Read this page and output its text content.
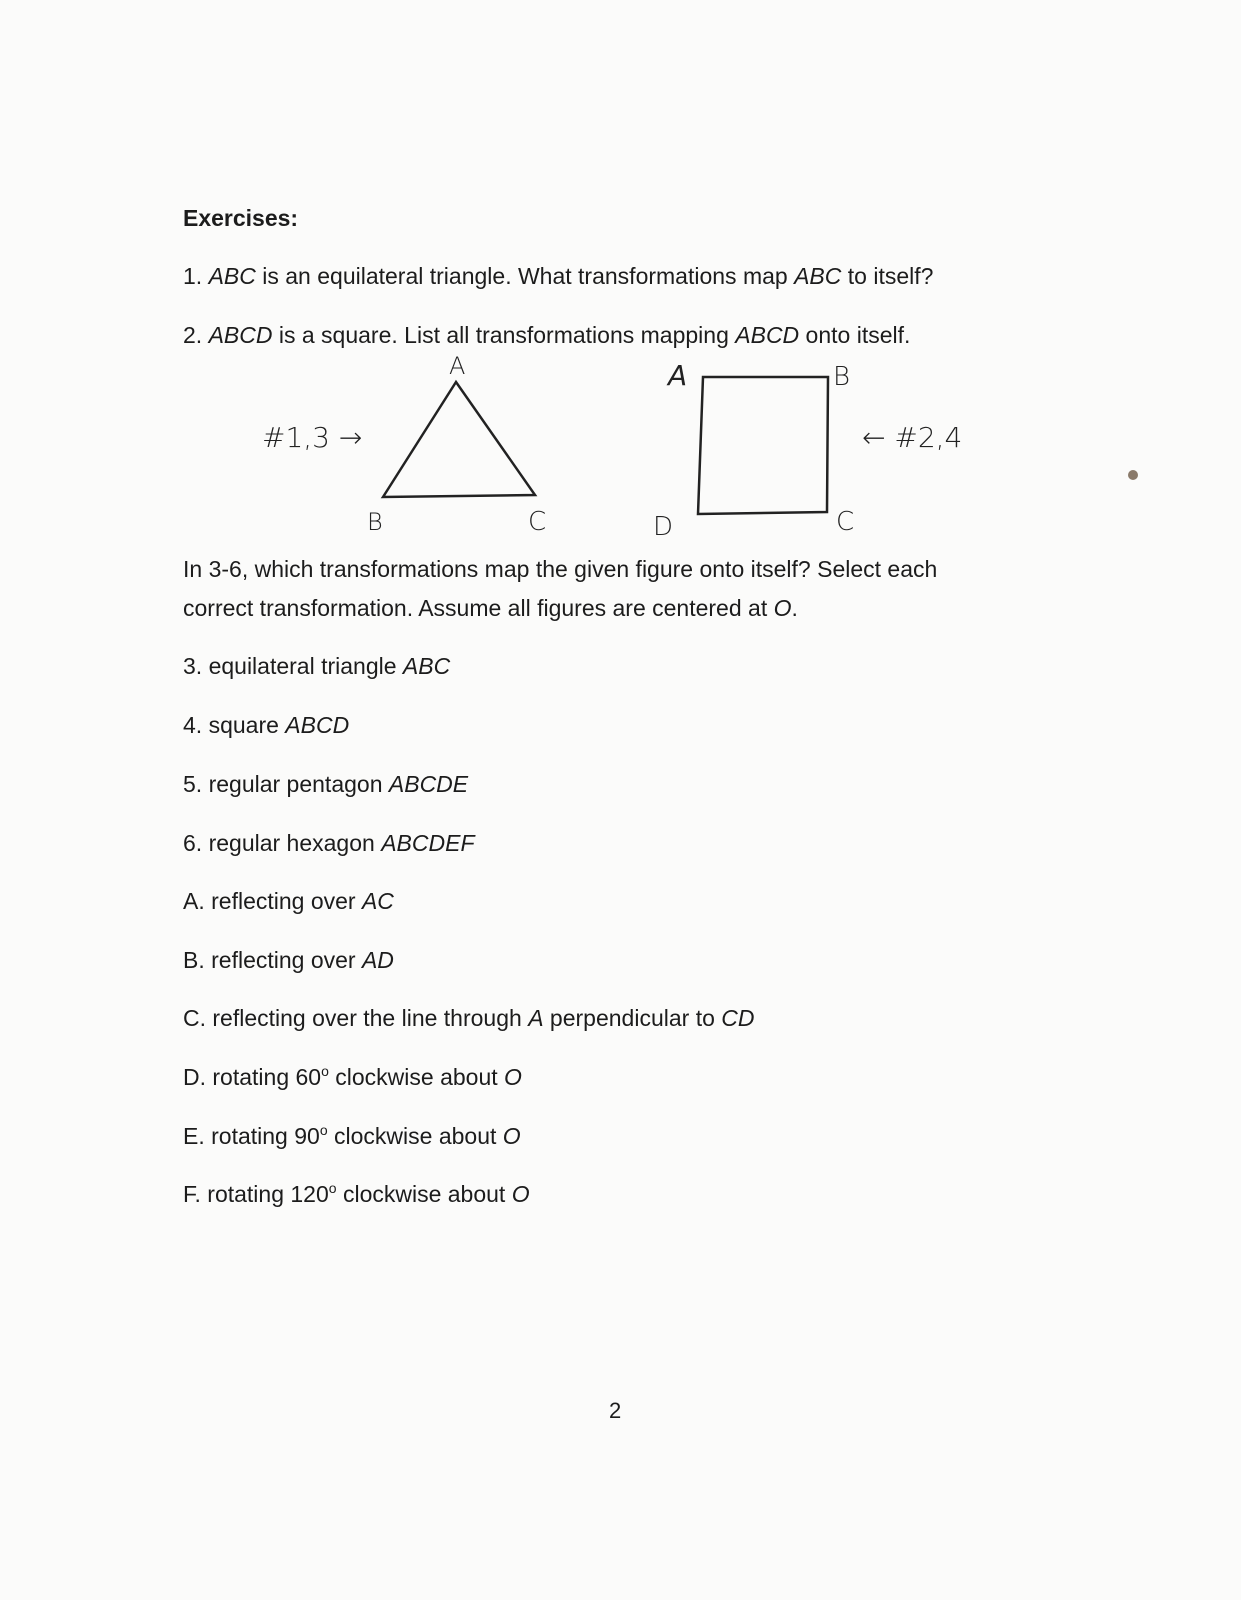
Exercises:
1. ABC is an equilateral triangle. What transformations map ABC to itself?
2. ABCD is a square. List all transformations mapping ABCD onto itself.
A
B	C
A	B
C
D
#1,3 →	← #2,4
In 3-6, which transformations map the given figure onto itself? Select each
correct transformation. Assume all figures are centered at O.
3. equilateral triangle ABC
4. square ABCD
5. regular pentagon ABCDE
6. regular hexagon ABCDEF
A. reflecting over AC
B. reflecting over AD
C. reflecting over the line through A perpendicular to CD
D. rotating 60$^o$ clockwise about O
E. rotating 90$^o$ clockwise about O
F. rotating 120$^o$ clockwise about O
2
